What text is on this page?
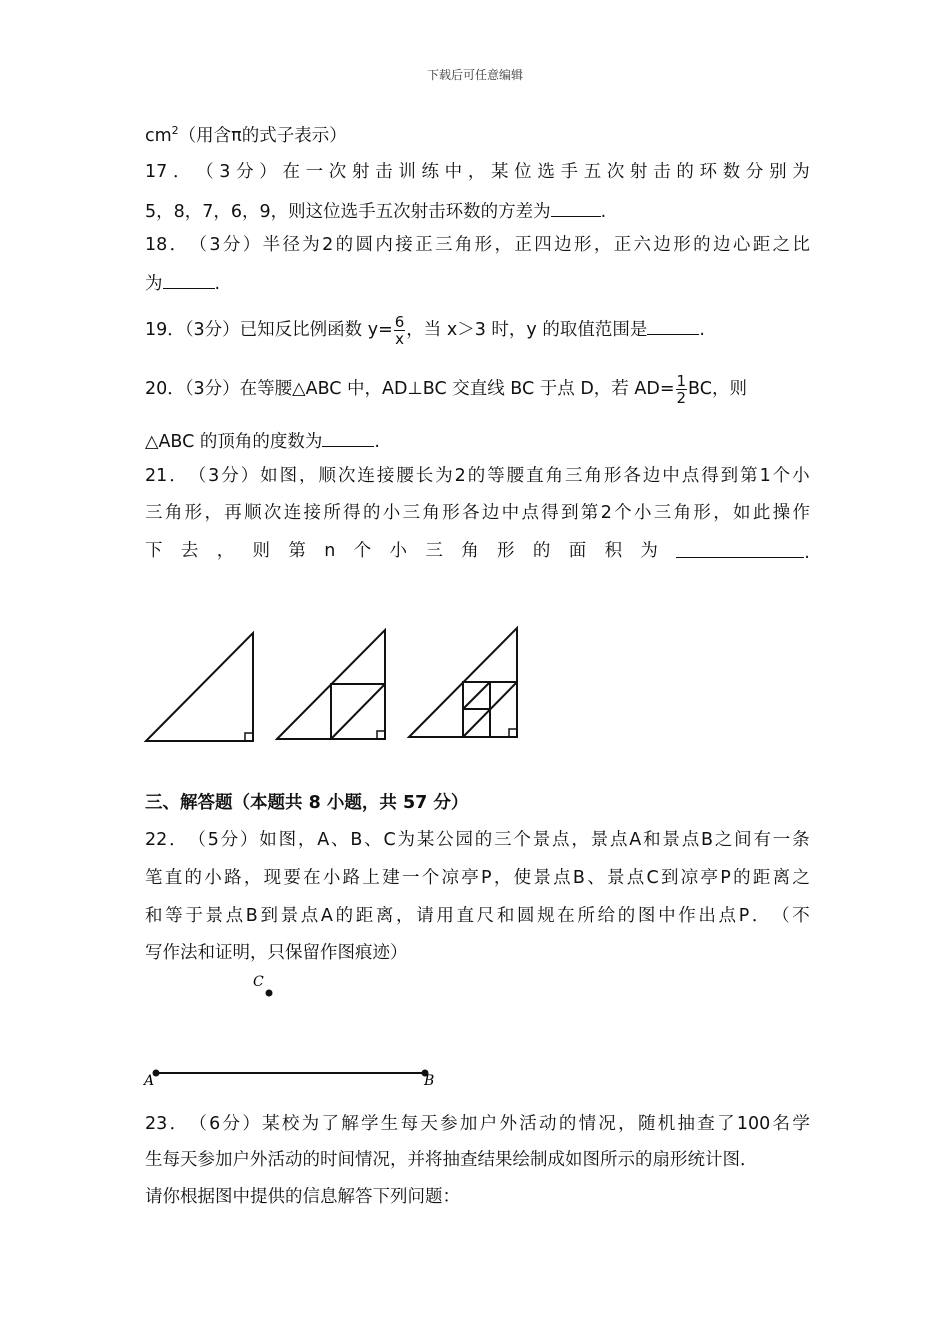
下载后可任意编辑
$cm^2$（用含π的式子表示）
17 ． （ 3 分 ） 在 一 次 射 击 训 练 中 ， 某 位 选 手 五 次 射 击 的 环 数 分 别 为
5，8，7，6，9，则这位选手五次射击环数的方差为	.
18 ． （ 3 分 ） 半 径 为 2 的 圆 内 接 正 三 角 形 ， 正 四 边 形 ， 正 六 边 形 的 边 心 距 之 比
为	.
19．（3分）已知反比例函数 $y= \frac{6}{x}$ ，当 x＞3 时，y 的取值范围是	.
20．（3分）在等腰△ABC 中，AD⊥BC 交直线 BC 于点 D，若 $AD= \frac{1}{2}$ BC，则
△ABC 的顶角的度数为	.
21 ． （ 3 分 ） 如 图 ， 顺 次 连 接 腰 长 为 2 的 等 腰 直 角 三 角 形 各 边 中 点 得 到 第 1 个 小
三 角 形 ， 再 顺 次 连 接 所 得 的 小 三 角 形 各 边 中 点 得 到 第 2 个 小 三 角 形 ， 如 此 操 作
下 去 ， 则 第 n 个 小 三 角 形 的 面 积 为	.
三、解答题（本题共 8 小题，共 57 分）
22 ． （ 5 分 ） 如 图 ， A 、 B 、 C 为 某 公 园 的 三 个 景 点 ， 景 点 A 和 景 点 B 之 间 有 一 条
笔 直 的 小 路 ， 现 要 在 小 路 上 建 一 个 凉 亭 P ， 使 景 点 B 、 景 点 C 到 凉 亭 P 的 距 离 之
和 等 于 景 点 B 到 景 点 A 的 距 离 ， 请 用 直 尺 和 圆 规 在 所 给 的 图 中 作 出 点 P ． （ 不
写作法和证明，只保留作图痕迹）
C
A	B
23 ． （ 6 分 ） 某 校 为 了 解 学 生 每 天 参 加 户 外 活 动 的 情 况 ， 随 机 抽 查 了 100 名 学
生每天参加户外活动的时间情况，并将抽查结果绘制成如图所示的扇形统计图．
请你根据图中提供的信息解答下列问题：
